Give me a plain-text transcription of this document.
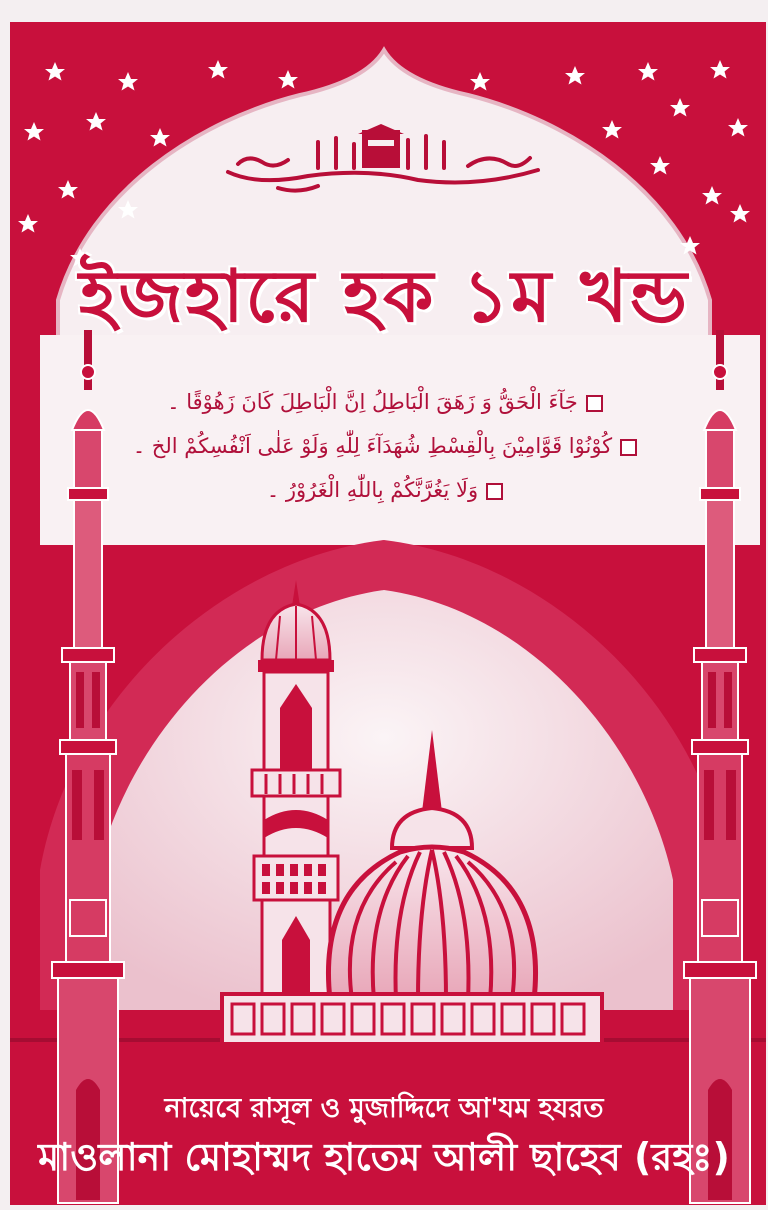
ইজহারে হক ১ম খন্ড
جَآءَ الْحَقُّ وَ زَهَقَ الْبَاطِلُ اِنَّ الْبَاطِلَ كَانَ زَهُوْقًا ۔
كُوْنُوْا قَوَّامِيْنَ بِالْقِسْطِ شُهَدَآءَ لِلّٰهِ وَلَوْ عَلٰى اَنْفُسِكُمْ الخ ۔
وَلَا يَغُرَّنَّكُمْ بِاللّٰهِ الْغَرُوْرُ ۔
নায়েবে রাসূল ও মুজাদ্দিদে আ'যম হযরত
মাওলানা মোহাম্মদ হাতেম আলী ছাহেব (রহঃ)
